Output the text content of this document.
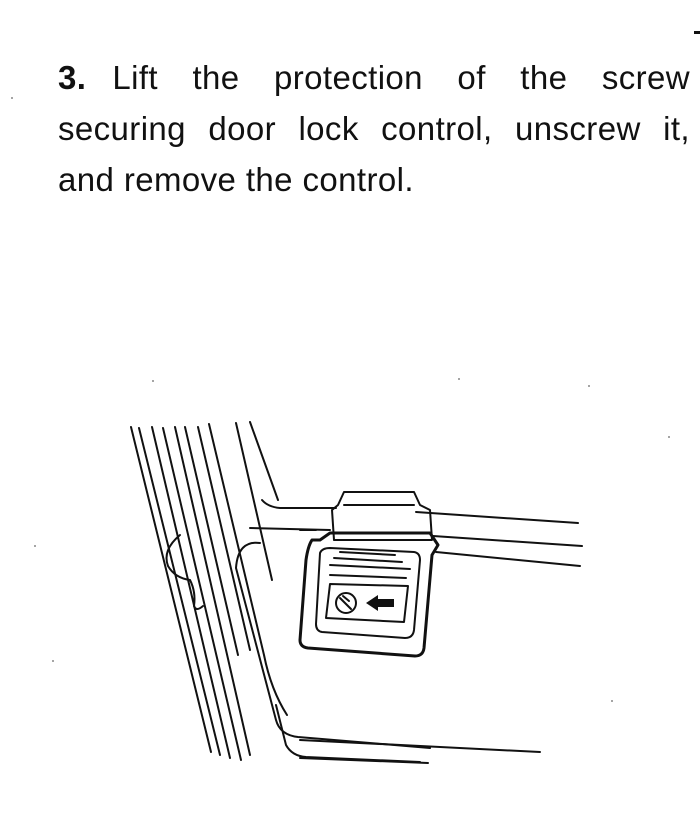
3. Lift the protection of the screw securing door lock control, unscrew it, and remove the control.
